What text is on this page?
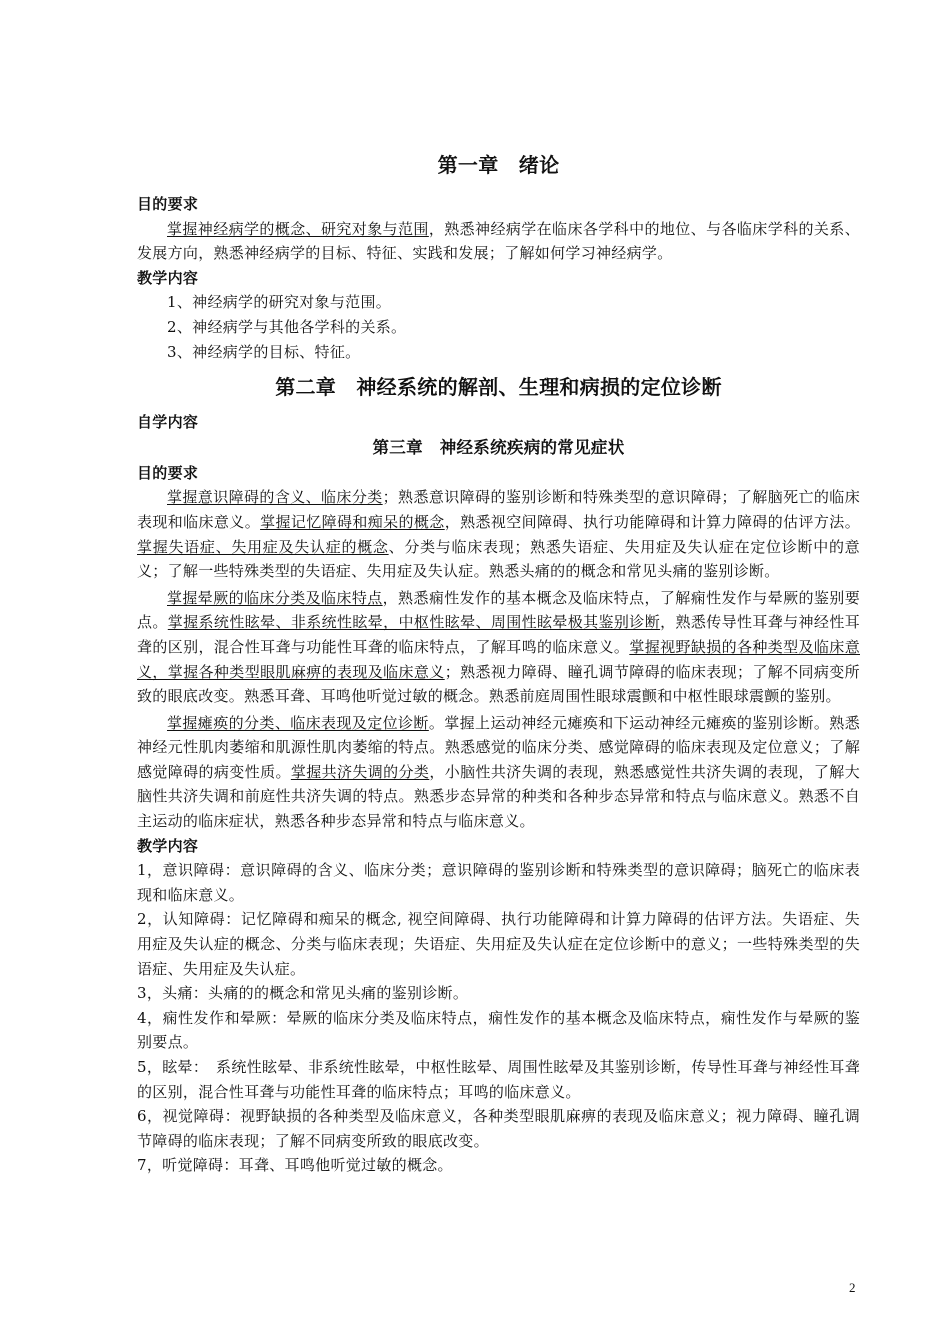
第一章　绪论
目的要求

掌握神经病学的概念、研究对象与范围，熟悉神经病学在临床各学科中的地位、与各临床学科的关系、发展方向，熟悉神经病学的目标、特征、实践和发展；了解如何学习神经病学。

教学内容

1、神经病学的研究对象与范围。

2、神经病学与其他各学科的关系。

3、神经病学的目标、特征。

第二章　神经系统的解剖、生理和病损的定位诊断
自学内容
第三章　神经系统疾病的常见症状
目的要求

掌握意识障碍的含义、临床分类；熟悉意识障碍的鉴别诊断和特殊类型的意识障碍；了解脑死亡的临床表现和临床意义。掌握记忆障碍和痴呆的概念，熟悉视空间障碍、执行功能障碍和计算力障碍的估评方法。掌握失语症、失用症及失认症的概念、分类与临床表现；熟悉失语症、失用症及失认症在定位诊断中的意义；了解一些特殊类型的失语症、失用症及失认症。熟悉头痛的的概念和常见头痛的鉴别诊断。

掌握晕厥的临床分类及临床特点，熟悉痫性发作的基本概念及临床特点，了解痫性发作与晕厥的鉴别要点。掌握系统性眩晕、非系统性眩晕，中枢性眩晕、周围性眩晕极其鉴别诊断，熟悉传导性耳聋与神经性耳聋的区别，混合性耳聋与功能性耳聋的临床特点，了解耳鸣的临床意义。掌握视野缺损的各种类型及临床意义，掌握各种类型眼肌麻痹的表现及临床意义；熟悉视力障碍、瞳孔调节障碍的临床表现；了解不同病变所致的眼底改变。熟悉耳聋、耳鸣他听觉过敏的概念。熟悉前庭周围性眼球震颤和中枢性眼球震颤的鉴别。

掌握瘫痪的分类、临床表现及定位诊断。掌握上运动神经元瘫痪和下运动神经元瘫痪的鉴别诊断。熟悉神经元性肌肉萎缩和肌源性肌肉萎缩的特点。熟悉感觉的临床分类、感觉障碍的临床表现及定位意义；了解感觉障碍的病变性质。掌握共济失调的分类，小脑性共济失调的表现，熟悉感觉性共济失调的表现，了解大脑性共济失调和前庭性共济失调的特点。熟悉步态异常的种类和各种步态异常和特点与临床意义。熟悉不自主运动的临床症状，熟悉各种步态异常和特点与临床意义。

教学内容

1，意识障碍：意识障碍的含义、临床分类；意识障碍的鉴别诊断和特殊类型的意识障碍；脑死亡的临床表现和临床意义。

2，认知障碍：记忆障碍和痴呆的概念, 视空间障碍、执行功能障碍和计算力障碍的估评方法。失语症、失用症及失认症的概念、分类与临床表现；失语症、失用症及失认症在定位诊断中的意义；一些特殊类型的失语症、失用症及失认症。

3，头痛：头痛的的概念和常见头痛的鉴别诊断。

4，痫性发作和晕厥：晕厥的临床分类及临床特点，痫性发作的基本概念及临床特点，痫性发作与晕厥的鉴别要点。

5，眩晕：　系统性眩晕、非系统性眩晕，中枢性眩晕、周围性眩晕及其鉴别诊断，传导性耳聋与神经性耳聋的区别，混合性耳聋与功能性耳聋的临床特点；耳鸣的临床意义。

6，视觉障碍：视野缺损的各种类型及临床意义，各种类型眼肌麻痹的表现及临床意义；视力障碍、瞳孔调节障碍的临床表现；了解不同病变所致的眼底改变。

7，听觉障碍：耳聋、耳鸣他听觉过敏的概念。

2
